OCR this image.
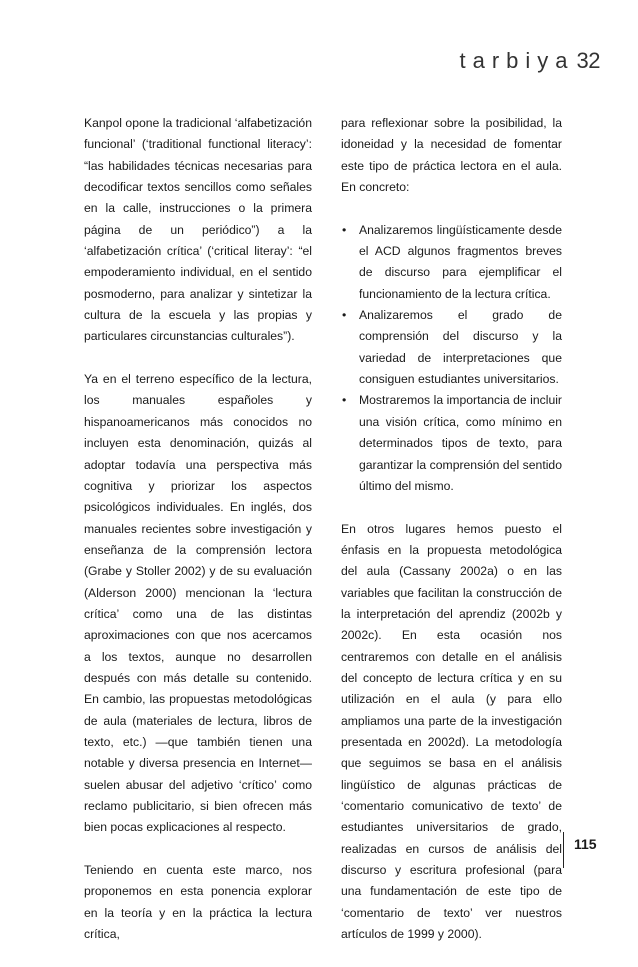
tarbiya 32

Kanpol opone la tradicional ‘alfabetización funcional’ (‘traditional functional literacy’: “las habilidades técnicas necesarias para decodificar textos sencillos como señales en la calle, instrucciones o la primera página de un periódico”) a la ‘alfabetización crítica’ (‘critical literay’: “el empoderamiento individual, en el sentido posmoderno, para analizar y sintetizar la cultura de la escuela y las propias y particulares circunstancias culturales”).

Ya en el terreno específico de la lectura, los manuales españoles y hispanoamericanos más conocidos no incluyen esta denominación, quizás al adoptar todavía una perspectiva más cognitiva y priorizar los aspectos psicológicos individuales. En inglés, dos manuales recientes sobre investigación y enseñanza de la comprensión lectora (Grabe y Stoller 2002) y de su evaluación (Alderson 2000) mencionan la ‘lectura crítica’ como una de las distintas aproximaciones con que nos acercamos a los textos, aunque no desarrollen después con más detalle su contenido. En cambio, las propuestas metodológicas de aula (materiales de lectura, libros de texto, etc.) —que también tienen una notable y diversa presencia en Internet— suelen abusar del adjetivo ‘crítico’ como reclamo publicitario, si bien ofrecen más bien pocas explicaciones al respecto.

Teniendo en cuenta este marco, nos proponemos en esta ponencia explorar en la teoría y en la práctica la lectura crítica,

para reflexionar sobre la posibilidad, la idoneidad y la necesidad de fomentar este tipo de práctica lectora en el aula. En concreto:

• Analizaremos lingüísticamente desde el ACD algunos fragmentos breves de discurso para ejemplificar el funcionamiento de la lectura crítica.
• Analizaremos el grado de comprensión del discurso y la variedad de interpretaciones que consiguen estudiantes universitarios.
• Mostraremos la importancia de incluir una visión crítica, como mínimo en determinados tipos de texto, para garantizar la comprensión del sentido último del mismo.

En otros lugares hemos puesto el énfasis en la propuesta metodológica del aula (Cassany 2002a) o en las variables que facilitan la construcción de la interpretación del aprendiz (2002b y 2002c). En esta ocasión nos centraremos con detalle en el análisis del concepto de lectura crítica y en su utilización en el aula (y para ello ampliamos una parte de la investigación presentada en 2002d). La metodología que seguimos se basa en el análisis lingüístico de algunas prácticas de ‘comentario comunicativo de texto’ de estudiantes universitarios de grado, realizadas en cursos de análisis del discurso y escritura profesional (para una fundamentación de este tipo de ‘comentario de texto’ ver nuestros artículos de 1999 y 2000).

115
